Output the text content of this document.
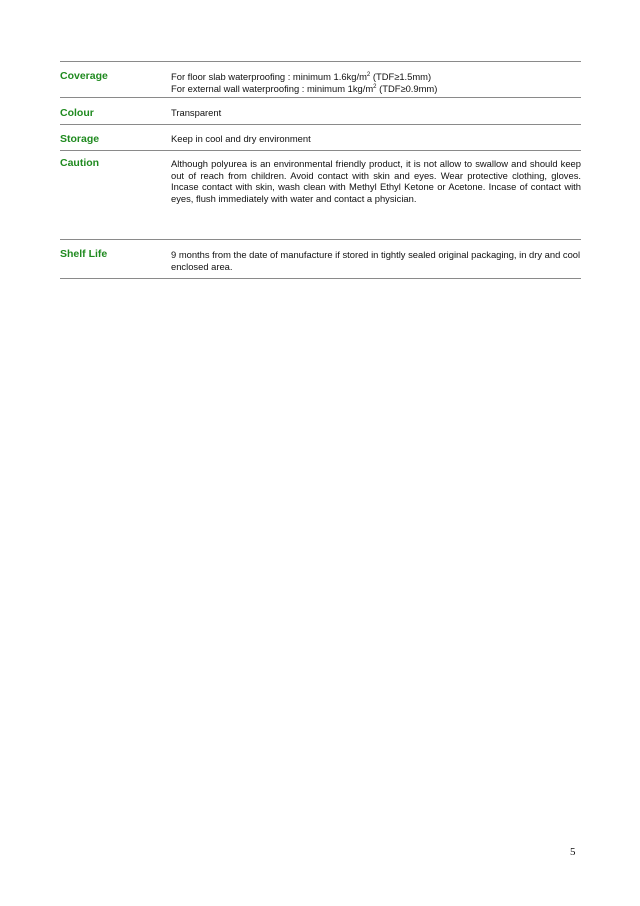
Coverage	For floor slab waterproofing : minimum $1.6kg/m^2$ (TDF≥1.5mm)
For external wall waterproofing : minimum $1kg/m^2$ (TDF≥0.9mm)
Colour	Transparent
Storage	Keep in cool and dry environment
Caution	Although polyurea is an environmental friendly product, it is not allow to swallow and should keep out of reach from children. Avoid contact with skin and eyes. Wear protective clothing, gloves. Incase contact with skin, wash clean with Methyl Ethyl Ketone or Acetone. Incase of contact with eyes, flush immediately with water and contact a physician.
Shelf Life	9 months from the date of manufacture if stored in tightly sealed original packaging, in dry and cool enclosed area.
5
